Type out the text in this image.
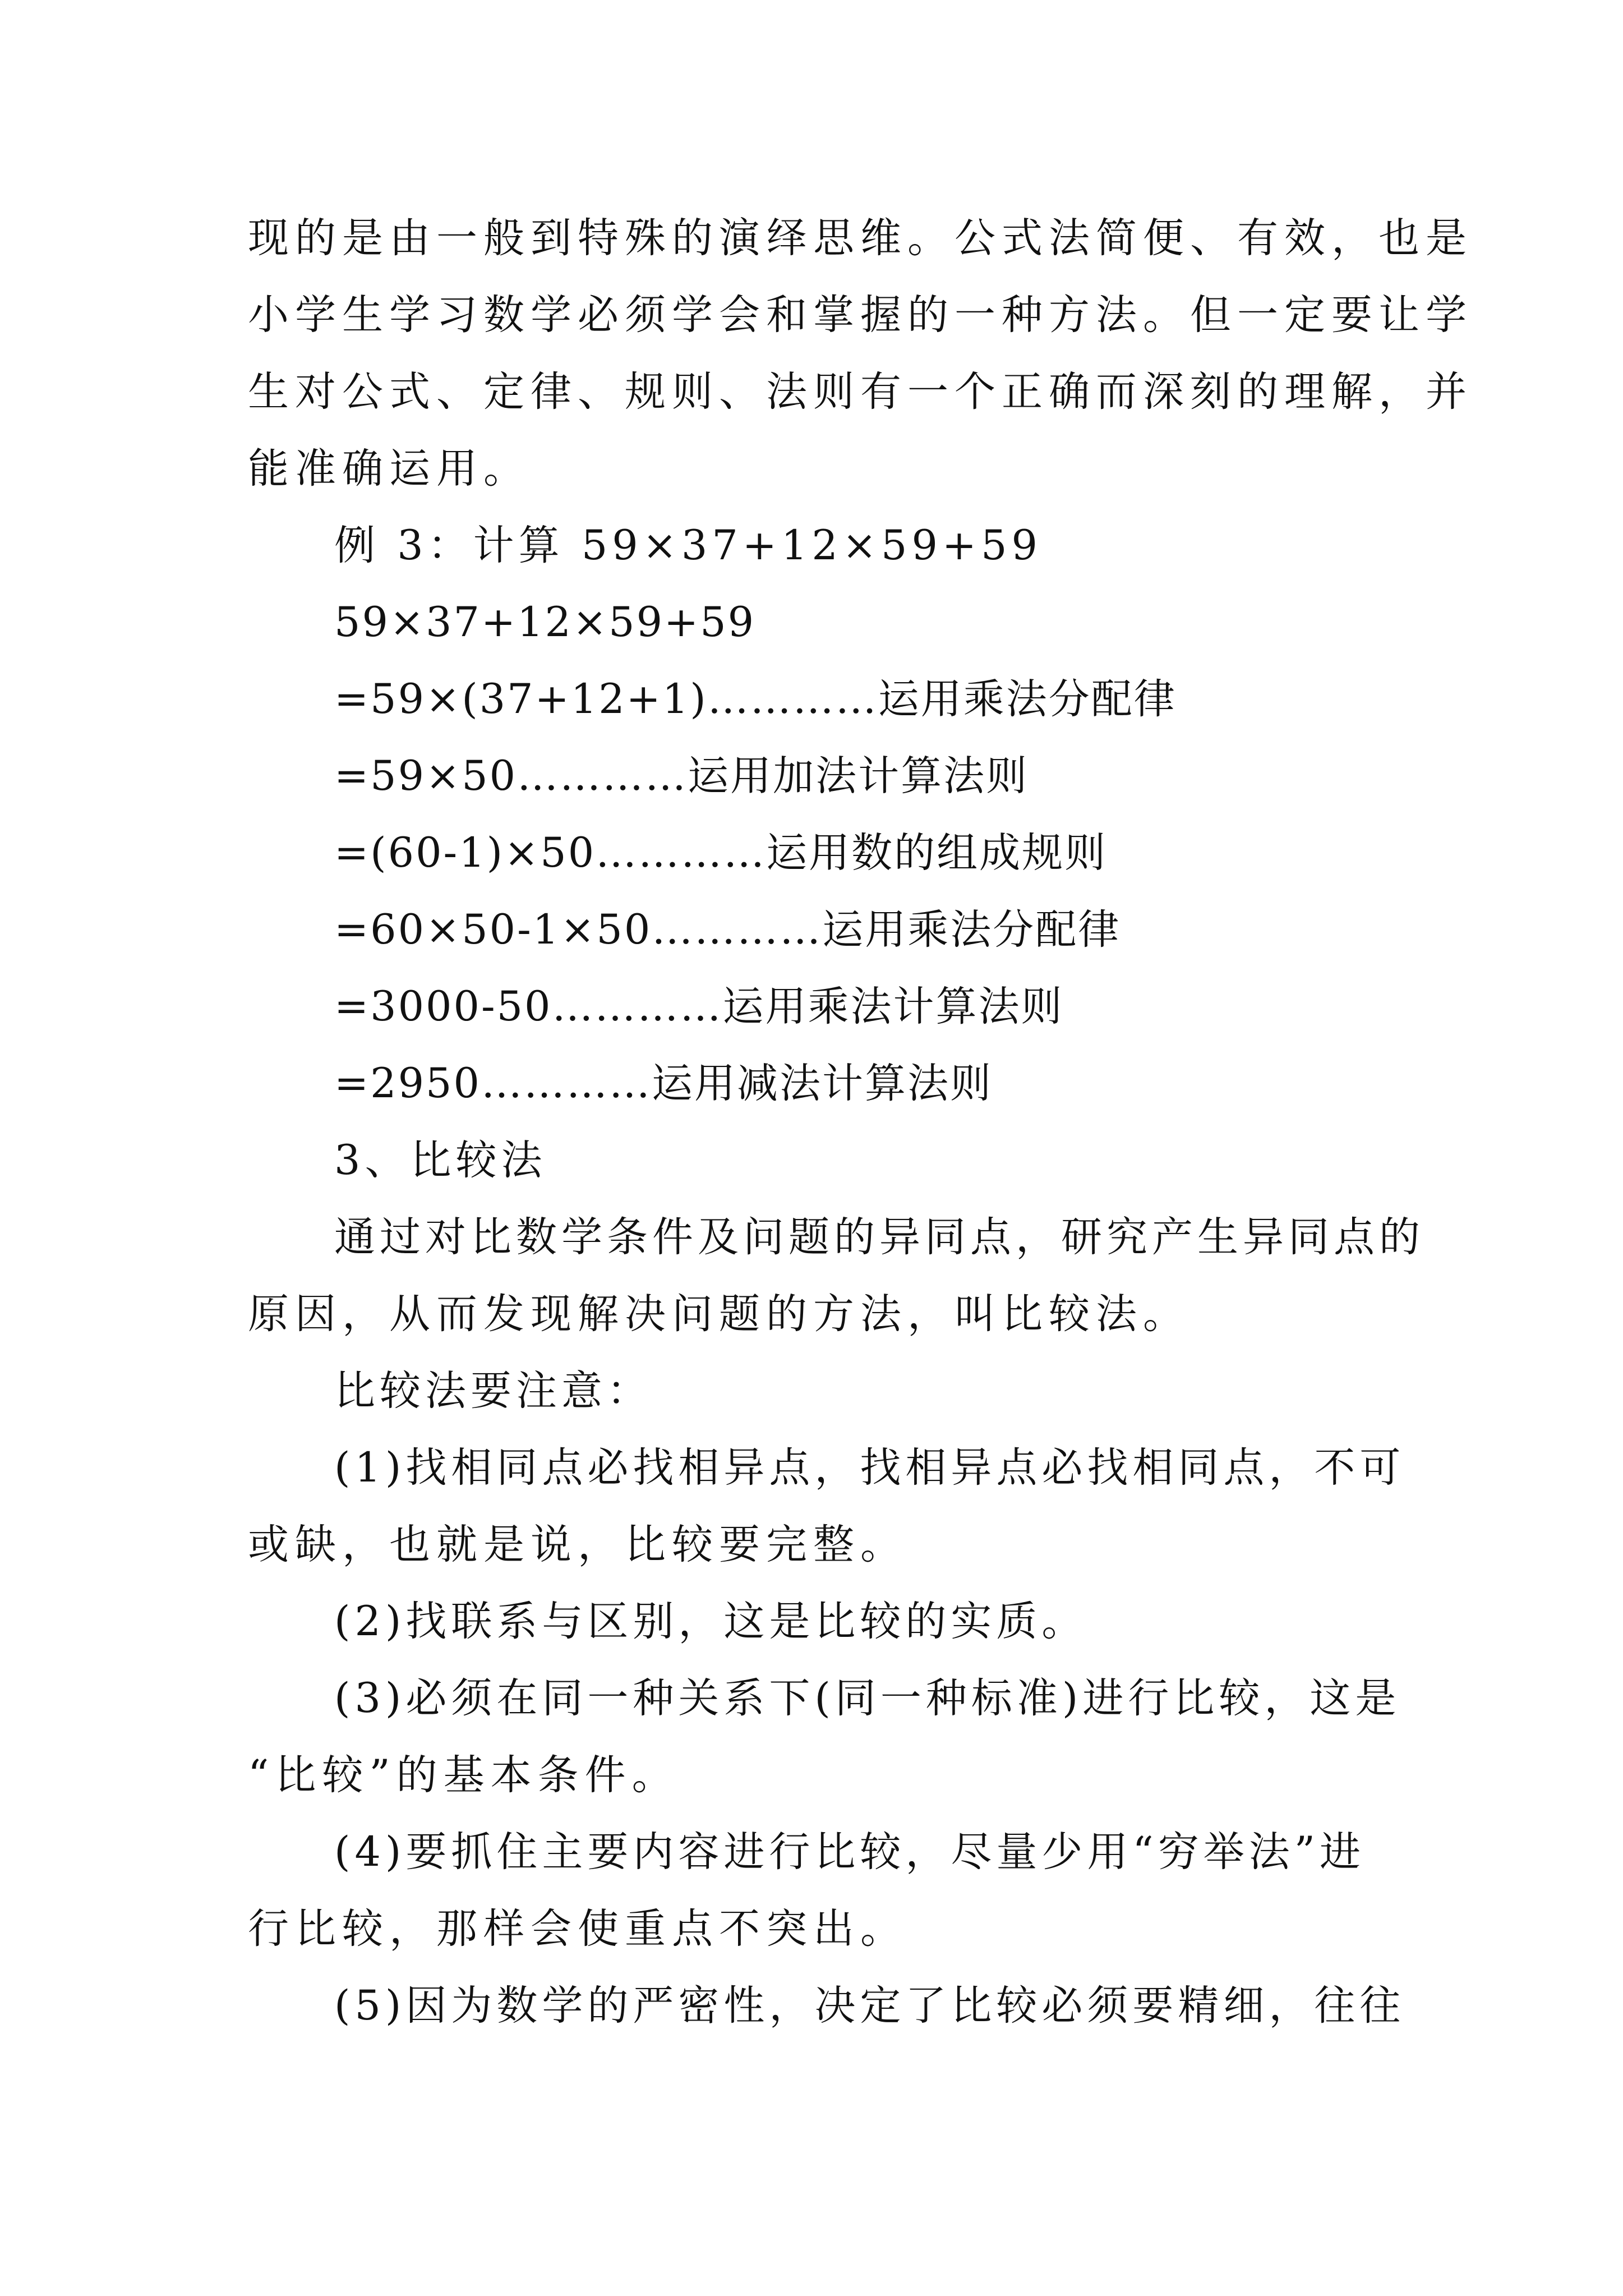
现的是由一般到特殊的演绎思维。公式法简便、有效，也是
小学生学习数学必须学会和掌握的一种方法。但一定要让学
生对公式、定律、规则、法则有一个正确而深刻的理解，并
能准确运用。
例 3：计算 59×37+12×59+59
59×37+12×59+59
=59×(37+12+1)…………运用乘法分配律
=59×50…………运用加法计算法则
=(60-1)×50…………运用数的组成规则
=60×50-1×50…………运用乘法分配律
=3000-50…………运用乘法计算法则
=2950…………运用减法计算法则
3、比较法
通过对比数学条件及问题的异同点，研究产生异同点的
原因，从而发现解决问题的方法，叫比较法。
比较法要注意：
(1)找相同点必找相异点，找相异点必找相同点，不可
或缺，也就是说，比较要完整。
(2)找联系与区别，这是比较的实质。
(3)必须在同一种关系下(同一种标准)进行比较，这是
“比较”的基本条件。
(4)要抓住主要内容进行比较，尽量少用“穷举法”进
行比较，那样会使重点不突出。
(5)因为数学的严密性，决定了比较必须要精细，往往
